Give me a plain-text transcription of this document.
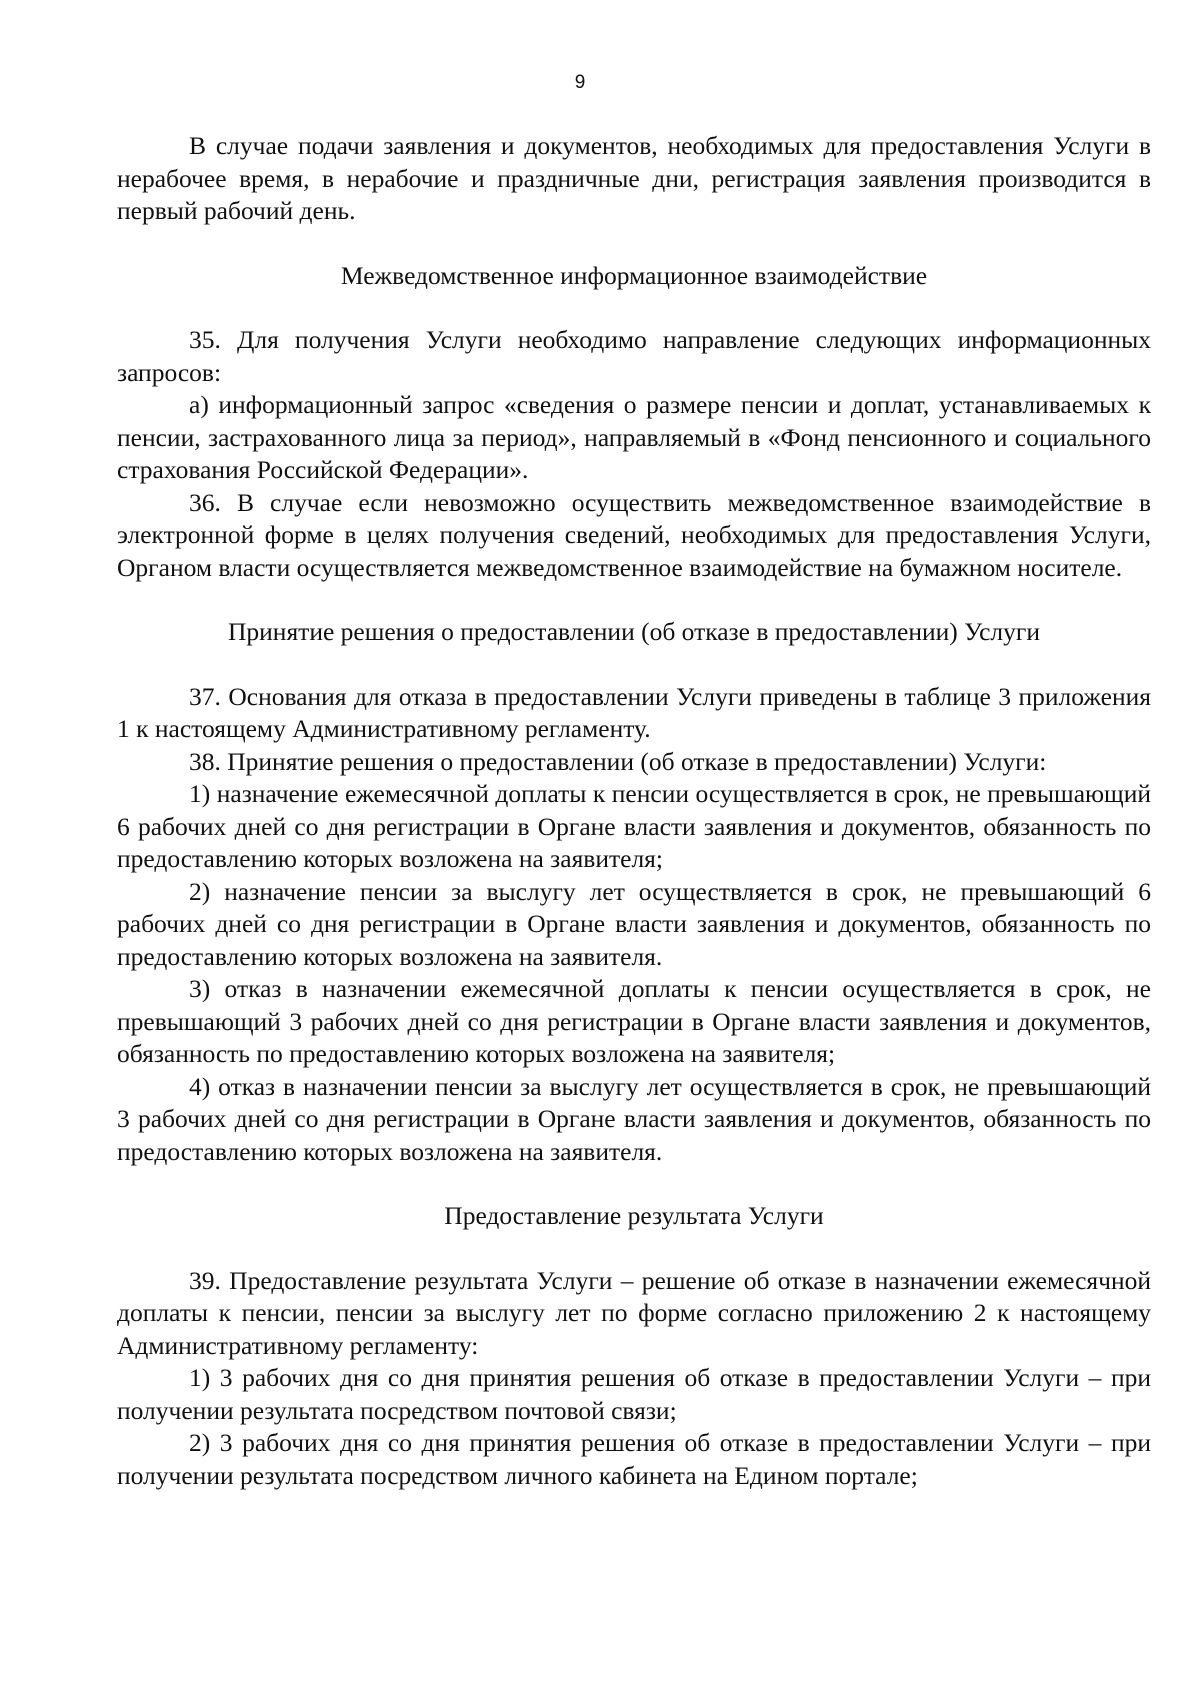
9

В случае подачи заявления и документов, необходимых для предоставления Услуги в нерабочее время, в нерабочие и праздничные дни, регистрация заявления производится в первый рабочий день.

Межведомственное информационное взаимодействие

35. Для получения Услуги необходимо направление следующих информационных запросов:

а) информационный запрос «сведения о размере пенсии и доплат, устанавливаемых к пенсии, застрахованного лица за период», направляемый в «Фонд пенсионного и социального страхования Российской Федерации».

36. В случае если невозможно осуществить межведомственное взаимодействие в электронной форме в целях получения сведений, необходимых для предоставления Услуги, Органом власти осуществляется межведомственное взаимодействие на бумажном носителе.

Принятие решения о предоставлении (об отказе в предоставлении) Услуги

37. Основания для отказа в предоставлении Услуги приведены в таблице 3 приложения 1 к настоящему Административному регламенту.

38. Принятие решения о предоставлении (об отказе в предоставлении) Услуги:

1) назначение ежемесячной доплаты к пенсии осуществляется в срок, не превышающий 6 рабочих дней со дня регистрации в Органе власти заявления и документов, обязанность по предоставлению которых возложена на заявителя;

2) назначение пенсии за выслугу лет осуществляется в срок, не превышающий 6 рабочих дней со дня регистрации в Органе власти заявления и документов, обязанность по предоставлению которых возложена на заявителя.

3) отказ в назначении ежемесячной доплаты к пенсии осуществляется в срок, не превышающий 3 рабочих дней со дня регистрации в Органе власти заявления и документов, обязанность по предоставлению которых возложена на заявителя;

4) отказ в назначении пенсии за выслугу лет осуществляется в срок, не превышающий 3 рабочих дней со дня регистрации в Органе власти заявления и документов, обязанность по предоставлению которых возложена на заявителя.

Предоставление результата Услуги

39. Предоставление результата Услуги – решение об отказе в назначении ежемесячной доплаты к пенсии, пенсии за выслугу лет по форме согласно приложению 2 к настоящему Административному регламенту:

1) 3 рабочих дня со дня принятия решения об отказе в предоставлении Услуги – при получении результата посредством почтовой связи;

2) 3 рабочих дня со дня принятия решения об отказе в предоставлении Услуги – при получении результата посредством личного кабинета на Едином портале;
